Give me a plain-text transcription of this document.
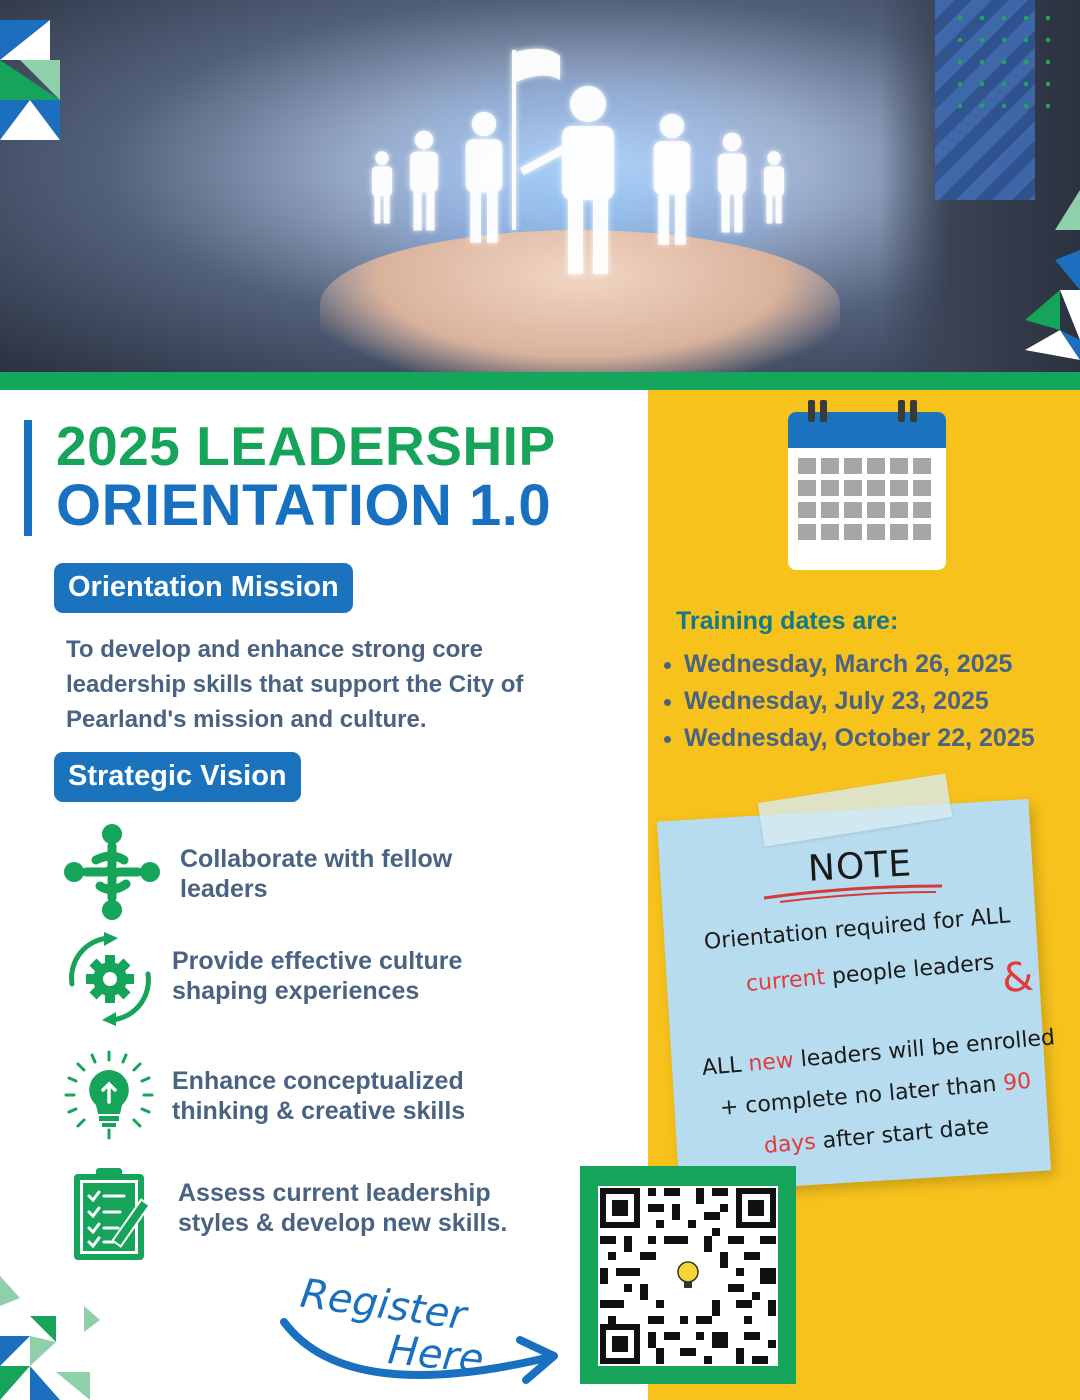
2025 LEADERSHIP
ORIENTATION 1.0
Orientation Mission
To develop and enhance strong core
leadership skills that support the City of
Pearland's mission and culture.
Strategic Vision
Collaborate with fellow
leaders
Provide effective culture
shaping experiences
Enhance conceptualized
thinking & creative skills
Assess current leadership
styles & develop new skills.
Training dates are:
Wednesday, March 26, 2025
Wednesday, July 23, 2025
Wednesday, October 22, 2025
NOTE
Orientation required for ALL
current people leaders &
ALL new leaders will be enrolled
+ complete no later than 90
days after start date
Register
Here
